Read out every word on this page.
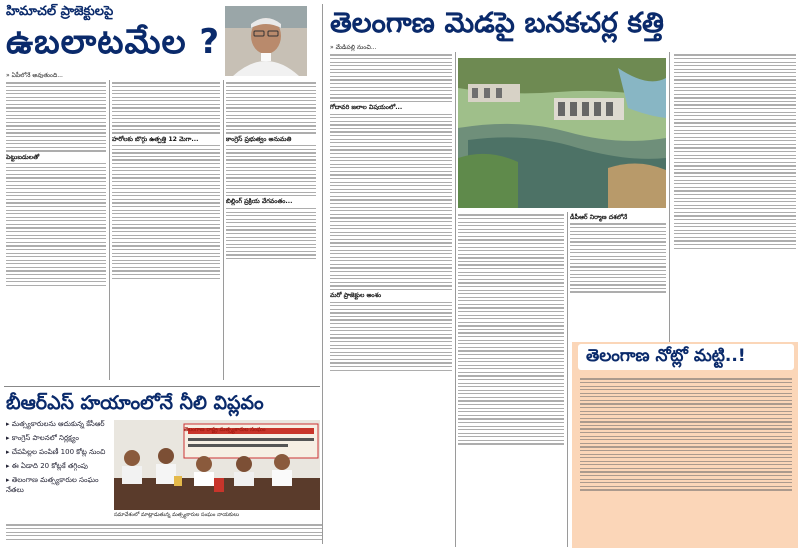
హిమాచల్ ప్రాజెక్టులపై
ఉబలాటమేల ?
» ఏపీలోనే అవుతుంది...
పెట్టుబడులతో
హరోలకు బొగ్గు ఉత్పత్తి 12 మెగా...	కాంగ్రెస్ ప్రభుత్వం అనుమతి
బిల్లింగ్ ప్రక్రియ వేగవంతం...
బీఆర్ఎస్ హయాంలోనే నీలి విప్లవం
▸ మత్స్యకారులను ఆదుకున్న కేసీఆర్
▸ కాంగ్రెస్ పాలనలో నిర్లక్ష్యం
▸ చేపపిల్లల పంపిణీ 100 కోట్ల నుంచి
▸ ఈ ఏడాది 20 కోట్లకే తగ్గింపు
▸ తెలంగాణ మత్స్యకారుల సంఘం నేతలు
తెలంగాణ రాష్ట్ర మత్స్యకారుల సంఘం
సమావేశంలో మాట్లాడుతున్న మత్స్యకారుల సంఘం నాయకులు
తెలంగాణ మెడపై బనకచర్ల కత్తి
» మేడిపల్లి నుంచి...
గోదావరి జలాల విషయంలో...
మరో ప్రాజెక్టుల అంశం
డీపీఆర్ నిర్మాణ దశలోనే
తెలంగాణ నోట్లో మట్టి..!
